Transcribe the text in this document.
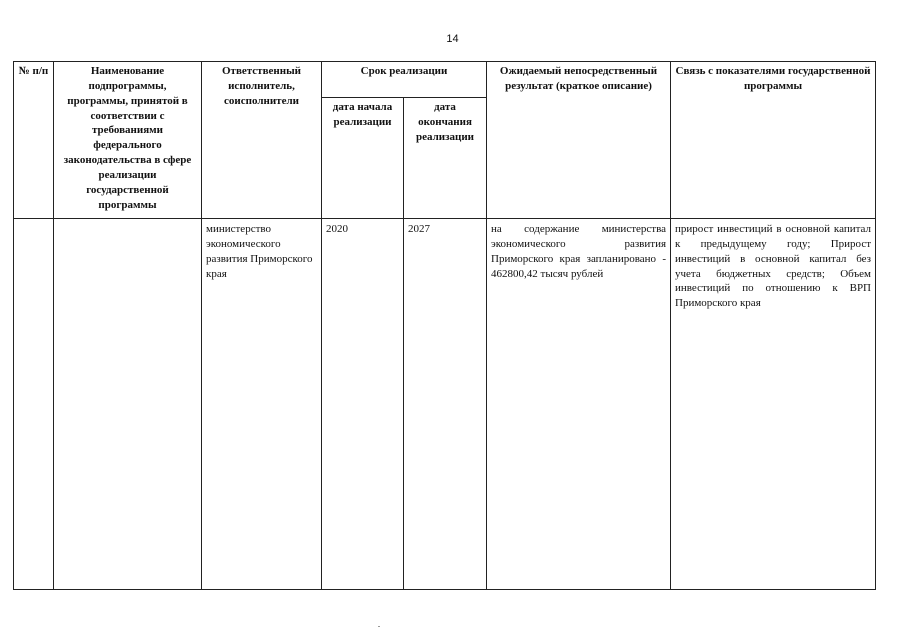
14
№ п/п	Наименование подпрограммы, программы, принятой в соответствии с требованиями федерального законодательства в сфере реализации государственной программы	Ответственный исполнитель, соисполнители	Срок реализации		Ожидаемый непосредственный результат (краткое описание)	Связь с показателями государственной программы
			дата начала реализации	дата окончания реализации		
		министерство экономического развития Приморского края	2020	2027	на содержание министерства экономического развития Приморского края запланировано - 462800,42 тысяч рублей	прирост инвестиций в основной капитал к предыдущему году; Прирост инвестиций в основной капитал без учета бюджетных средств; Объем инвестиций по отношению к ВРП Приморского края
